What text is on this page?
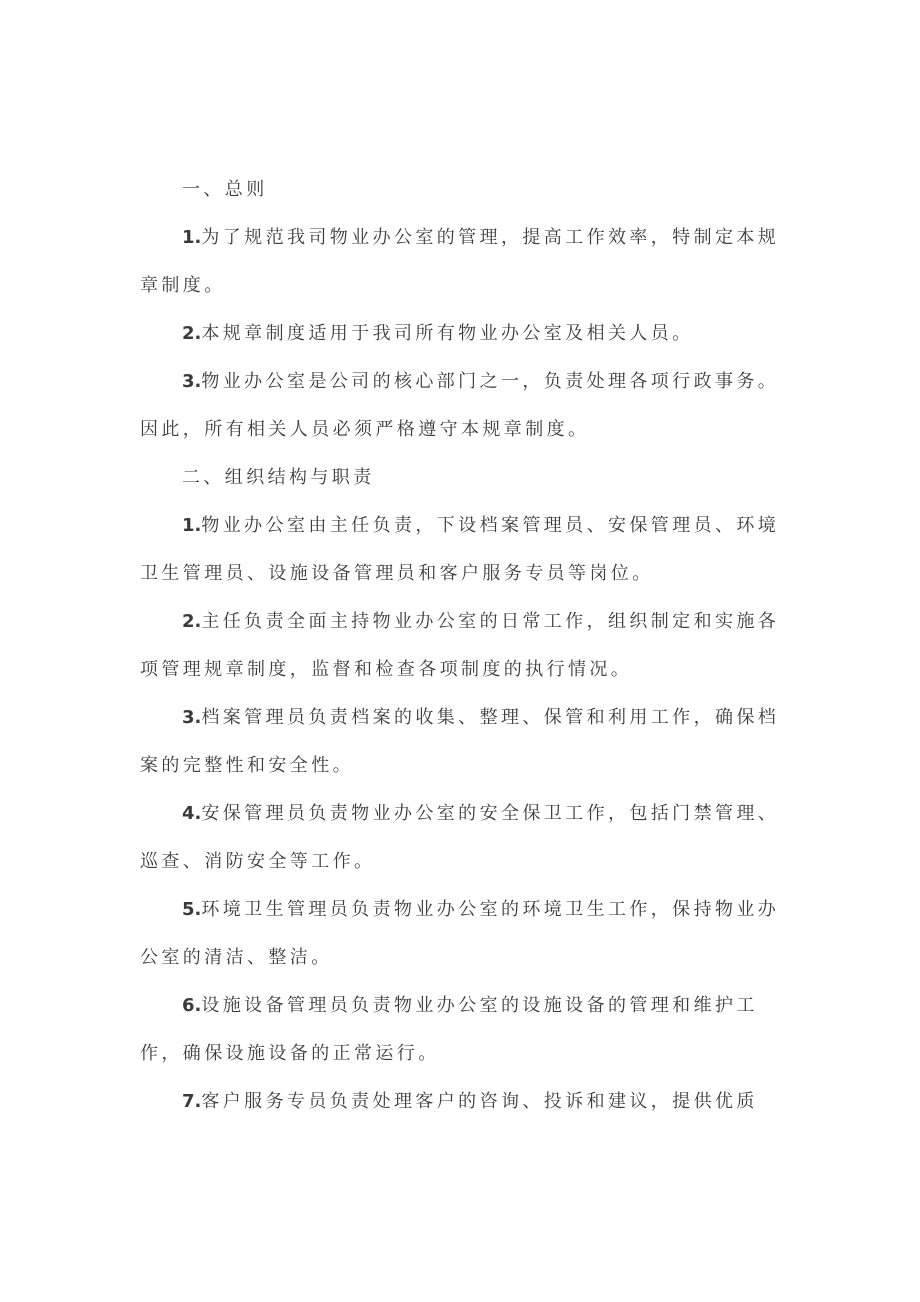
一、总则

1.为了规范我司物业办公室的管理，提高工作效率，特制定本规章制度。

2.本规章制度适用于我司所有物业办公室及相关人员。

3.物业办公室是公司的核心部门之一，负责处理各项行政事务。因此，所有相关人员必须严格遵守本规章制度。

二、组织结构与职责

1.物业办公室由主任负责，下设档案管理员、安保管理员、环境卫生管理员、设施设备管理员和客户服务专员等岗位。

2.主任负责全面主持物业办公室的日常工作，组织制定和实施各项管理规章制度，监督和检查各项制度的执行情况。

3.档案管理员负责档案的收集、整理、保管和利用工作，确保档案的完整性和安全性。

4.安保管理员负责物业办公室的安全保卫工作，包括门禁管理、巡查、消防安全等工作。

5.环境卫生管理员负责物业办公室的环境卫生工作，保持物业办公室的清洁、整洁。

6.设施设备管理员负责物业办公室的设施设备的管理和维护工作，确保设施设备的正常运行。

7.客户服务专员负责处理客户的咨询、投诉和建议，提供优质
